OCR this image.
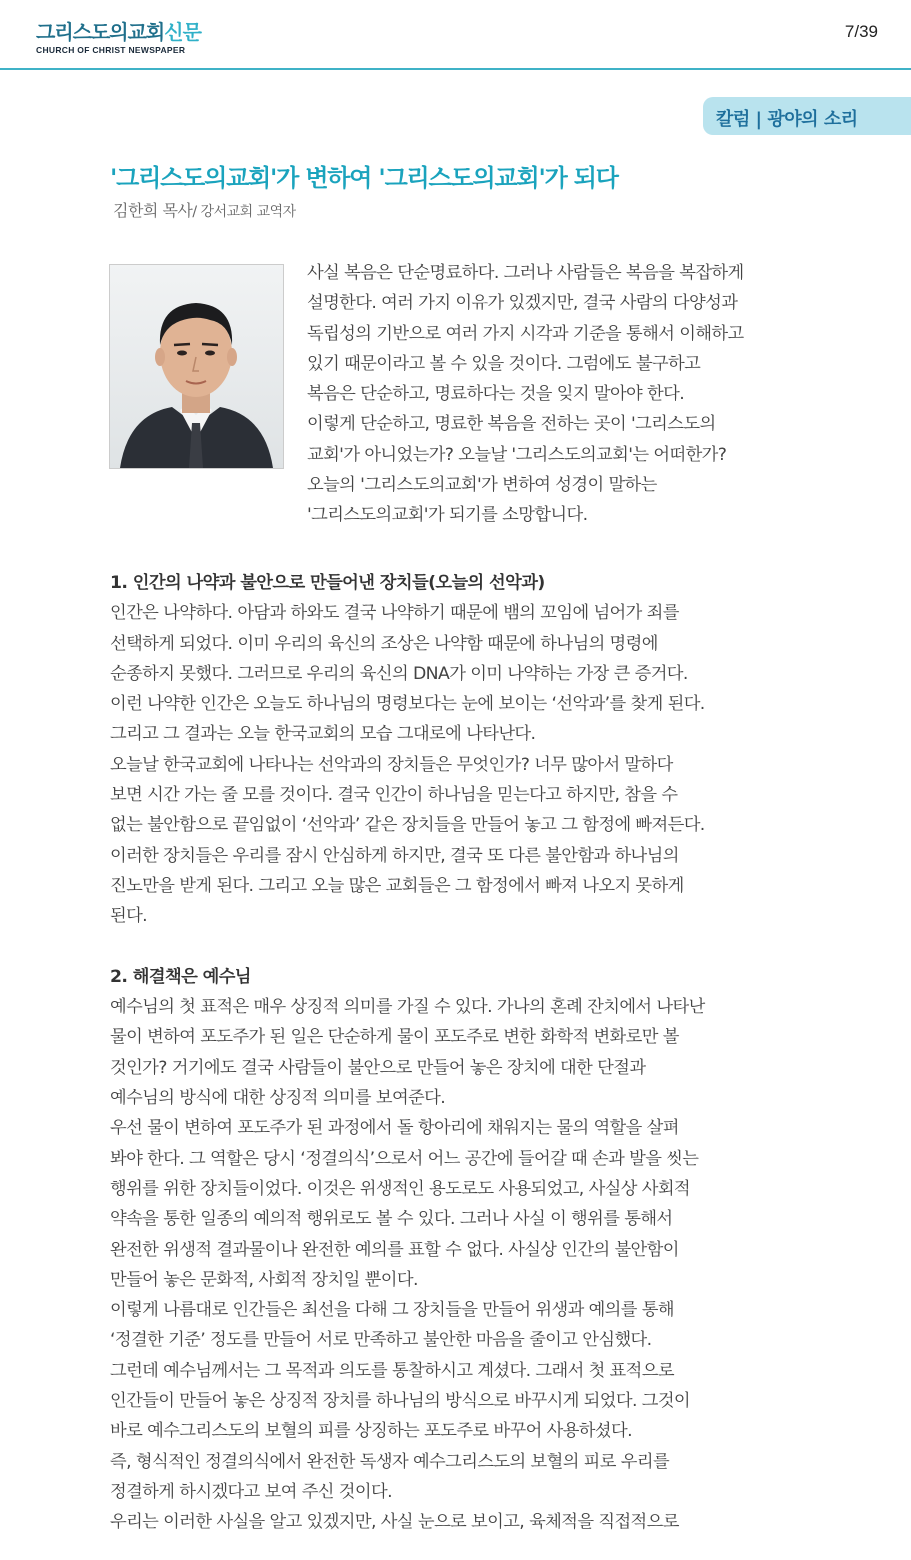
그리스도의교회신문
CHURCH OF CHRIST NEWSPAPER
7/39
칼럼 | 광야의 소리
'그리스도의교회'가 변하여 '그리스도의교회'가 되다
김한희 목사/ 강서교회 교역자
사실 복음은 단순명료하다. 그러나 사람들은 복음을 복잡하게
설명한다. 여러 가지 이유가 있겠지만, 결국 사람의 다양성과
독립성의 기반으로 여러 가지 시각과 기준을 통해서 이해하고
있기 때문이라고 볼 수 있을 것이다. 그럼에도 불구하고
복음은 단순하고, 명료하다는 것을 잊지 말아야 한다.
이렇게 단순하고, 명료한 복음을 전하는 곳이 '그리스도의
교회'가 아니었는가? 오늘날 '그리스도의교회'는 어떠한가?
오늘의 '그리스도의교회'가 변하여 성경이 말하는
'그리스도의교회'가 되기를 소망합니다.
1. 인간의 나약과 불안으로 만들어낸 장치들(오늘의 선악과)
인간은 나약하다. 아담과 하와도 결국 나약하기 때문에 뱀의 꼬임에 넘어가 죄를
선택하게 되었다. 이미 우리의 육신의 조상은 나약함 때문에 하나님의 명령에
순종하지 못했다. 그러므로 우리의 육신의 DNA가 이미 나약하는 가장 큰 증거다.
이런 나약한 인간은 오늘도 하나님의 명령보다는 눈에 보이는 ‘선악과’를 찾게 된다.
그리고 그 결과는 오늘 한국교회의 모습 그대로에 나타난다.
오늘날 한국교회에 나타나는 선악과의 장치들은 무엇인가? 너무 많아서 말하다
보면 시간 가는 줄 모를 것이다. 결국 인간이 하나님을 믿는다고 하지만, 참을 수
없는 불안함으로 끝임없이 ‘선악과’ 같은 장치들을 만들어 놓고 그 함정에 빠져든다.
이러한 장치들은 우리를 잠시 안심하게 하지만, 결국 또 다른 불안함과 하나님의
진노만을 받게 된다. 그리고 오늘 많은 교회들은 그 함정에서 빠져 나오지 못하게
된다.
2. 해결책은 예수님
예수님의 첫 표적은 매우 상징적 의미를 가질 수 있다. 가나의 혼례 잔치에서 나타난
물이 변하여 포도주가 된 일은 단순하게 물이 포도주로 변한 화학적 변화로만 볼
것인가? 거기에도 결국 사람들이 불안으로 만들어 놓은 장치에 대한 단절과
예수님의 방식에 대한 상징적 의미를 보여준다.
우선 물이 변하여 포도주가 된 과정에서 돌 항아리에 채워지는 물의 역할을 살펴
봐야 한다. 그 역할은 당시 ‘정결의식’으로서 어느 공간에 들어갈 때 손과 발을 씻는
행위를 위한 장치들이었다. 이것은 위생적인 용도로도 사용되었고, 사실상 사회적
약속을 통한 일종의 예의적 행위로도 볼 수 있다. 그러나 사실 이 행위를 통해서
완전한 위생적 결과물이나 완전한 예의를 표할 수 없다. 사실상 인간의 불안함이
만들어 놓은 문화적, 사회적 장치일 뿐이다.
이렇게 나름대로 인간들은 최선을 다해 그 장치들을 만들어 위생과 예의를 통해
‘정결한 기준’ 정도를 만들어 서로 만족하고 불안한 마음을 줄이고 안심했다.
그런데 예수님께서는 그 목적과 의도를 통찰하시고 계셨다. 그래서 첫 표적으로
인간들이 만들어 놓은 상징적 장치를 하나님의 방식으로 바꾸시게 되었다. 그것이
바로 예수그리스도의 보혈의 피를 상징하는 포도주로 바꾸어 사용하셨다.
즉, 형식적인 정결의식에서 완전한 독생자 예수그리스도의 보혈의 피로 우리를
정결하게 하시겠다고 보여 주신 것이다.
우리는 이러한 사실을 알고 있겠지만, 사실 눈으로 보이고, 육체적을 직접적으로
